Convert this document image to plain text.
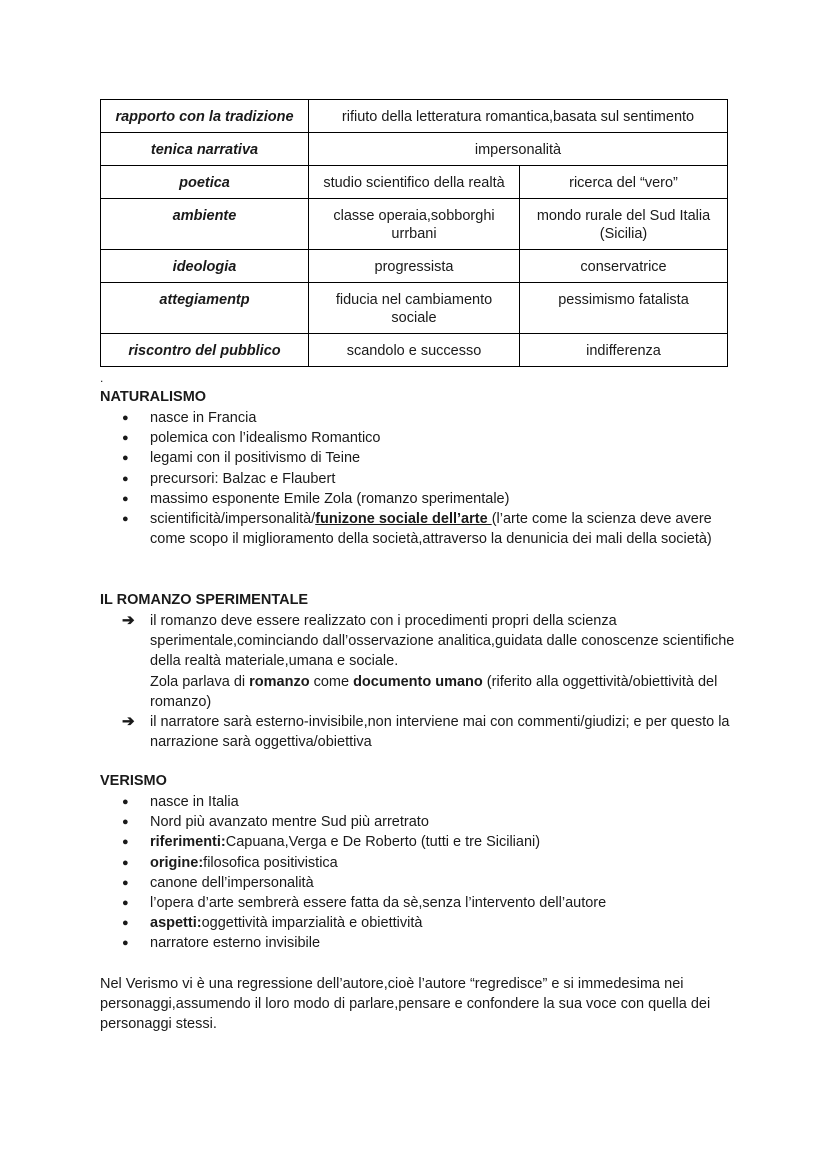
rapporto con la tradizione	rifiuto della letteratura romantica,basata sul sentimento	
tenica narrativa	impersonalità	
poetica	studio scientifico della realtà	ricerca del “vero”
ambiente	classe operaia,sobborghi urrbani	mondo rurale del Sud Italia (Sicilia)
ideologia	progressista	conservatrice
attegiamentp	fiducia nel cambiamento sociale	pessimismo fatalista
riscontro del pubblico	scandolo e successo	indifferenza
.
NATURALISMO
● nasce in Francia
● polemica con l’idealismo Romantico
● legami con il positivismo di Teine
● precursori: Balzac e Flaubert
● massimo esponente Emile Zola (romanzo sperimentale)
● scientificità/impersonalità/funizone sociale dell’arte (l’arte come la scienza deve avere come scopo il miglioramento della società,attraverso la denunicia dei mali della società)
IL ROMANZO SPERIMENTALE
➔ il romanzo deve essere realizzato con i procedimenti propri della scienza sperimentale,cominciando dall’osservazione analitica,guidata dalle conoscenze scientifiche della realtà materiale,umana e sociale.
Zola parlava di romanzo come documento umano (riferito alla oggettività/obiettività del romanzo)
➔ il narratore sarà esterno-invisibile,non interviene mai con commenti/giudizi; e per questo la narrazione sarà oggettiva/obiettiva
VERISMO
● nasce in Italia
● Nord più avanzato mentre Sud più arretrato
● riferimenti:Capuana,Verga e De Roberto (tutti e tre Siciliani)
● origine:filosofica positivistica
● canone dell’impersonalità
● l’opera d’arte sembrerà essere fatta da sè,senza l’intervento dell’autore
● aspetti:oggettività imparzialità e obiettività
● narratore esterno invisibile

Nel Verismo vi è una regressione dell’autore,cioè l’autore “regredisce” e si immedesima nei personaggi,assumendo il loro modo di parlare,pensare e confondere la sua voce con quella dei personaggi stessi.
